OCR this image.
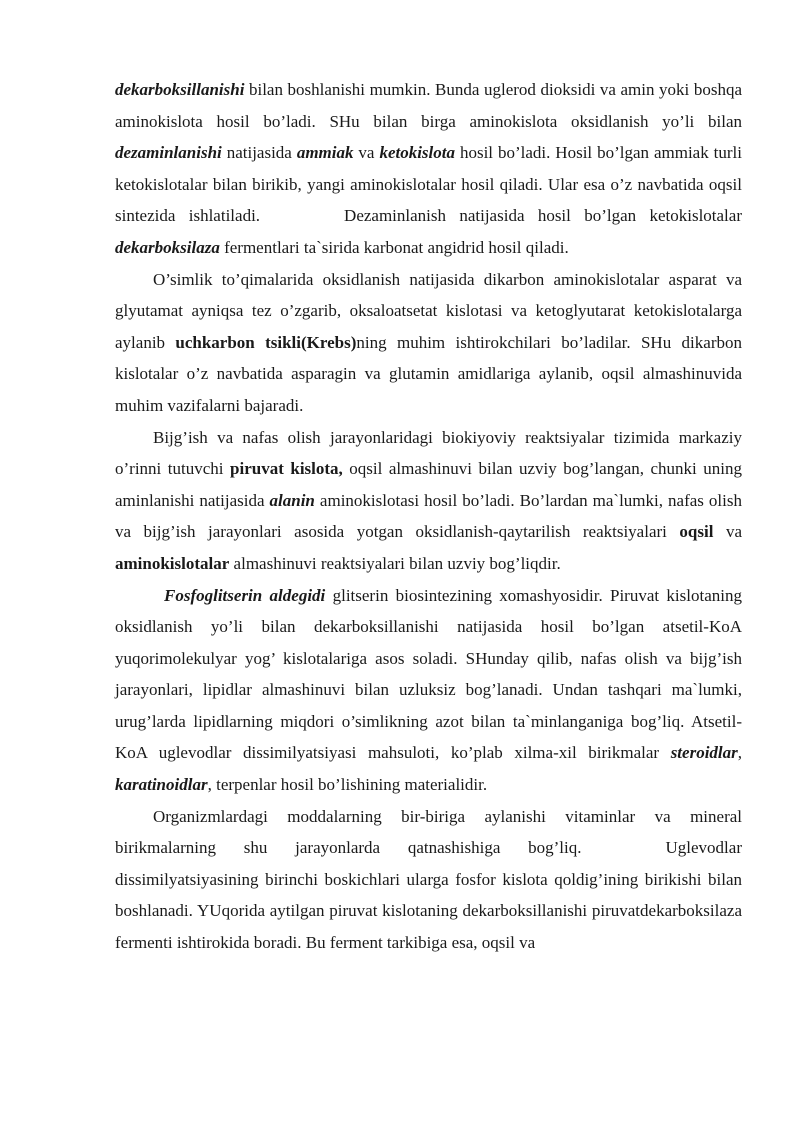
dekarboksillanishi bilan boshlanishi mumkin. Bunda uglerod dioksidi va amin yoki boshqa aminokislota hosil bo’ladi. SHu bilan birga aminokislota oksidlanish yo’li bilan dezaminlanishi natijasida ammiak va ketokislota hosil bo’ladi. Hosil bo’lgan ammiak turli ketokislotalar bilan birikib, yangi aminokislotalar hosil qiladi. Ular esa o’z navbatida oqsil sintezida ishlatiladi.	Dezaminlanish natijasida hosil bo’lgan ketokislotalar dekarboksilaza fermentlari ta`sirida karbonat angidrid hosil qiladi.

O’simlik to’qimalarida oksidlanish natijasida dikarbon aminokislotalar asparat va glyutamat ayniqsa tez o’zgarib, oksaloatsetat kislotasi va ketoglyutarat ketokislotalarga aylanib uchkarbon tsikli(Krebs)ning muhim ishtirokchilari bo’ladilar. SHu dikarbon kislotalar o’z navbatida asparagin va glutamin amidlariga aylanib, oqsil almashinuvida muhim vazifalarni bajaradi.

Bijg’ish va nafas olish jarayonlaridagi biokiyoviy reaktsiyalar tizimida markaziy o’rinni tutuvchi piruvat kislota, oqsil almashinuvi bilan uzviy bog’langan, chunki uning aminlanishi natijasida alanin aminokislotasi hosil bo’ladi. Bo’lardan ma`lumki, nafas olish va bijg’ish jarayonlari asosida yotgan oksidlanish-qaytarilish reaktsiyalari oqsil va aminokislotalar almashinuvi reaktsiyalari bilan uzviy bog’liqdir.

Fosfoglitserin aldegidi glitserin biosintezining xomashyosidir. Piruvat kislotaning oksidlanish yo’li bilan dekarboksillanishi natijasida hosil bo’lgan atsetil-KoA yuqorimolekulyar yog’ kislotalariga asos soladi. SHunday qilib, nafas olish va bijg’ish jarayonlari, lipidlar almashinuvi bilan uzluksiz bog’lanadi. Undan tashqari ma`lumki, urug’larda lipidlarning miqdori o’simlikning azot bilan ta`minlanganiga bog’liq. Atsetil-KoA uglevodlar dissimilyatsiyasi mahsuloti, ko’plab xilma-xil birikmalar steroidlar, karatinoidlar, terpenlar hosil bo’lishining materialidir.

Organizmlardagi moddalarning bir-biriga aylanishi vitaminlar va mineral birikmalarning shu jarayonlarda qatnashishiga bog’liq.	Uglevodlar dissimilyatsiyasining birinchi boskichlari ularga fosfor kislota qoldig’ining birikishi bilan boshlanadi. YUqorida aytilgan piruvat kislotaning dekarboksillanishi piruvatdekarboksilaza fermenti ishtirokida boradi. Bu ferment tarkibiga esa, oqsil va
